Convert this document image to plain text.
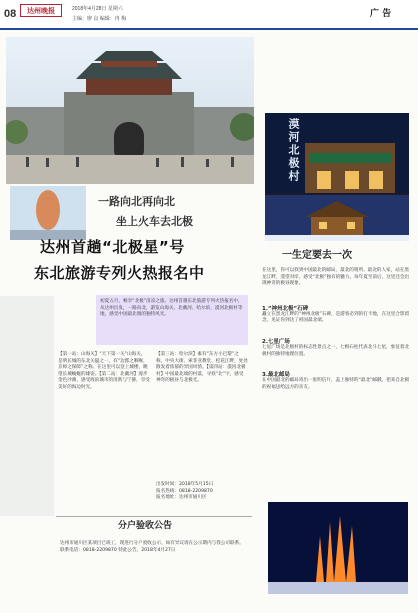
08	达州晚报	2018年4月28日 星期六
主编：廖 良 编辑：冉 梅	广 告
漠河北极村
一路向北再向北
坐上火车去北极
达州首趟“北极星”号
东北旅游专列火热报名中
初夏五月，畅享“北极”清凉之旅。达州首趟东北旅游专列火热报名中，从达州出发，一路向北，游览山海关、北戴河、哈尔滨、漠河北极村等地，感受中国最北端的独特风光。
【第一站：山海关】“天下第一关”山海关，是明长城的东北关隘之一，有“边郡之咽喉，京师之保障”之称。在这里可以登上城楼，眺望长城蜿蜒的雄姿。【第二站：北戴河】漫步金色沙滩，感受海滨城市的清新与宁静，享受美好的海边时光。
【第三站：哈尔滨】素有“东方小巴黎”之称，中央大街、索菲亚教堂、松花江畔，处处散发着浓郁的异国风情。【第四站：漠河北极村】中国最北端的村落，寻找“北”字，感受神奇的极昼与北极光。
出发时间：2018年5月15日
报名热线：0818-2209870
报名地址：达州市通川区
一生定要去一次
在这里，你可以找到中国最北的邮局、最北的哨所、最北的人家，站在黑龙江畔，遥望对岸，感受“北极”独有的魅力。每年夏至前后，这里还会出现神奇的极昼现象。
1.“神州北极”石碑
矗立在黑龙江畔的“神州北极”石碑，是游客必到的打卡地，在这里合影留念，见证你到达了祖国最北端。
2.七星广场
七星广场是北极村的标志性景点之一，七根石柱代表北斗七星，象征着北极村的独特地理位置。
3.最北邮局
在中国最北的邮局寄出一张明信片，盖上独特的“最北”邮戳，把来自北极的祝福送给远方的亲友。
达州市通川区某项目已竣工，现进行分户验收公示，如有异议请在公示期内与我公司联系。联系电话：0818-2209870 特此公告。2018年4月27日
分户验收公告
